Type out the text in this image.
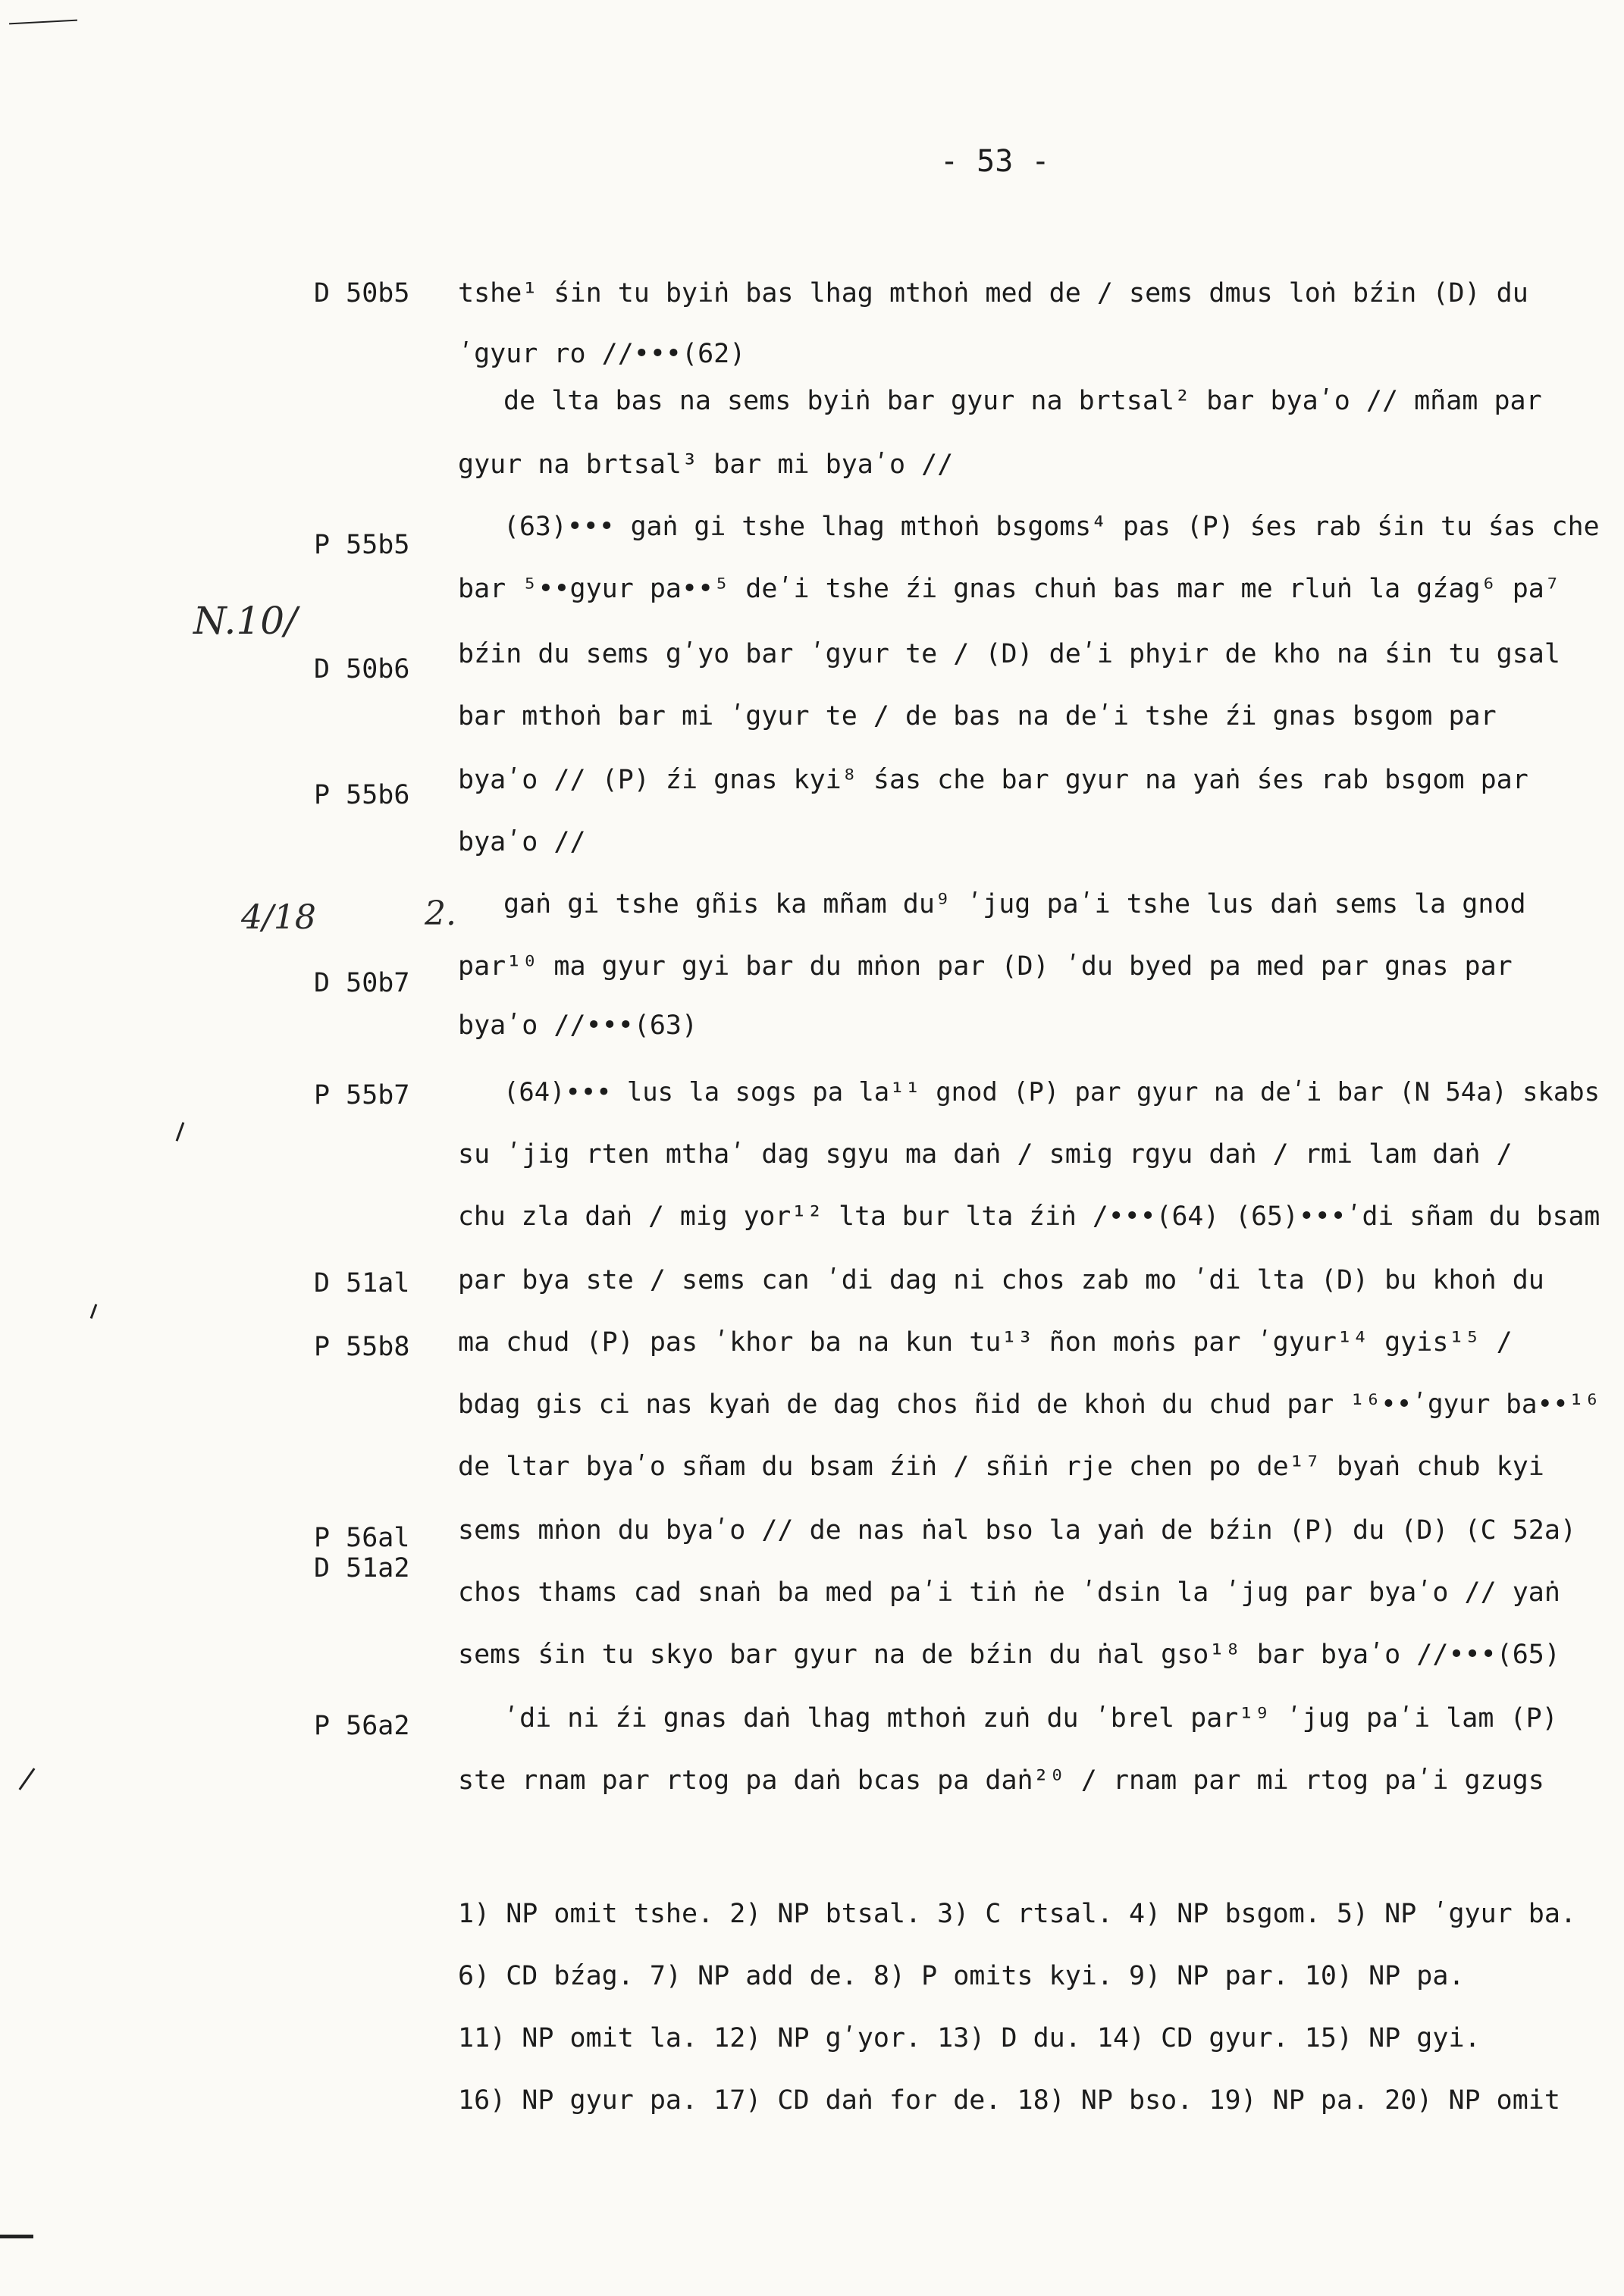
- 53 -
N.10/
4/18	2.
D 50b5
P 55b5
D 50b6
P 55b6
D 50b7
P 55b7
D 51al
P 55b8
P 56al
D 51a2
P 56a2
tshe¹ śin tu byiṅ bas lhag mthoṅ med de / sems dmus loṅ bźin (D) du
ʹgyur ro //•••(62)
de lta bas na sems byiṅ bar gyur na brtsal² bar byaʹo // mñam par
gyur na brtsal³ bar mi byaʹo //
(63)••• gaṅ gi tshe lhag mthoṅ bsgoms⁴ pas (P) śes rab śin tu śas che
bar ⁵••gyur pa••⁵ deʹi tshe źi gnas chuṅ bas mar me rluṅ la gźag⁶ pa⁷
bźin du sems gʹyo bar ʹgyur te / (D) deʹi phyir de kho na śin tu gsal
bar mthoṅ bar mi ʹgyur te / de bas na deʹi tshe źi gnas bsgom par
byaʹo // (P) źi gnas kyi⁸ śas che bar gyur na yaṅ śes rab bsgom par
byaʹo //
gaṅ gi tshe gñis ka mñam du⁹ ʹjug paʹi tshe lus daṅ sems la gnod
par¹⁰ ma gyur gyi bar du mṅon par (D) ʹdu byed pa med par gnas par
byaʹo //•••(63)
(64)••• lus la sogs pa la¹¹ gnod (P) par gyur na deʹi bar (N 54a) skabs
su ʹjig rten mthaʹ dag sgyu ma daṅ / smig rgyu daṅ / rmi lam daṅ /
chu zla daṅ / mig yor¹² lta bur lta źiṅ /•••(64) (65)•••ʹdi sñam du bsam
par bya ste / sems can ʹdi dag ni chos zab mo ʹdi lta (D) bu khoṅ du
ma chud (P) pas ʹkhor ba na kun tu¹³ ñon moṅs par ʹgyur¹⁴ gyis¹⁵ /
bdag gis ci nas kyaṅ de dag chos ñid de khoṅ du chud par ¹⁶••ʹgyur ba••¹⁶
de ltar byaʹo sñam du bsam źiṅ / sñiṅ rje chen po de¹⁷ byaṅ chub kyi
sems mṅon du byaʹo // de nas ṅal bso la yaṅ de bźin (P) du (D) (C 52a)
chos thams cad snaṅ ba med paʹi tiṅ ṅe ʹdsin la ʹjug par byaʹo // yaṅ
sems śin tu skyo bar gyur na de bźin du ṅal gso¹⁸ bar byaʹo //•••(65)
ʹdi ni źi gnas daṅ lhag mthoṅ zuṅ du ʹbrel par¹⁹ ʹjug paʹi lam (P)
ste rnam par rtog pa daṅ bcas pa daṅ²⁰ / rnam par mi rtog paʹi gzugs
1) NP omit tshe. 2) NP btsal. 3) C rtsal. 4) NP bsgom. 5) NP ʹgyur ba.
6) CD bźag. 7) NP add de. 8) P omits kyi. 9) NP par. 10) NP pa.
11) NP omit la. 12) NP gʹyor. 13) D du. 14) CD gyur. 15) NP gyi.
16) NP gyur pa. 17) CD daṅ for de. 18) NP bso. 19) NP pa. 20) NP omit
